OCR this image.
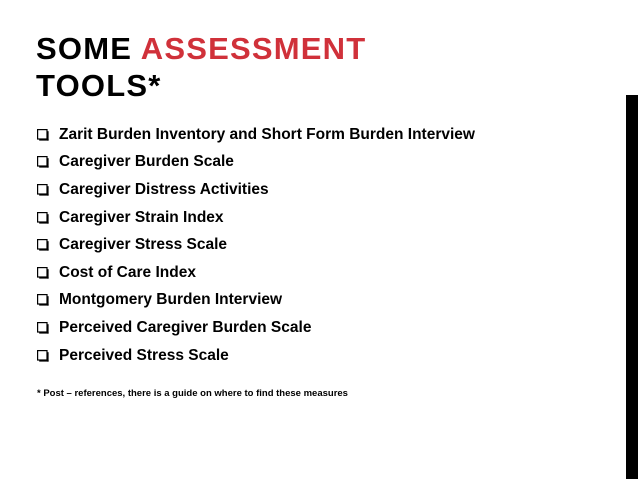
SOME ASSESSMENT
TOOLS*
Zarit Burden Inventory and Short Form Burden Interview
Caregiver Burden Scale
Caregiver Distress Activities
Caregiver Strain Index
Caregiver Stress Scale
Cost of Care Index
Montgomery Burden Interview
Perceived Caregiver Burden Scale
Perceived Stress Scale
* Post – references, there is a guide on where to find these measures
